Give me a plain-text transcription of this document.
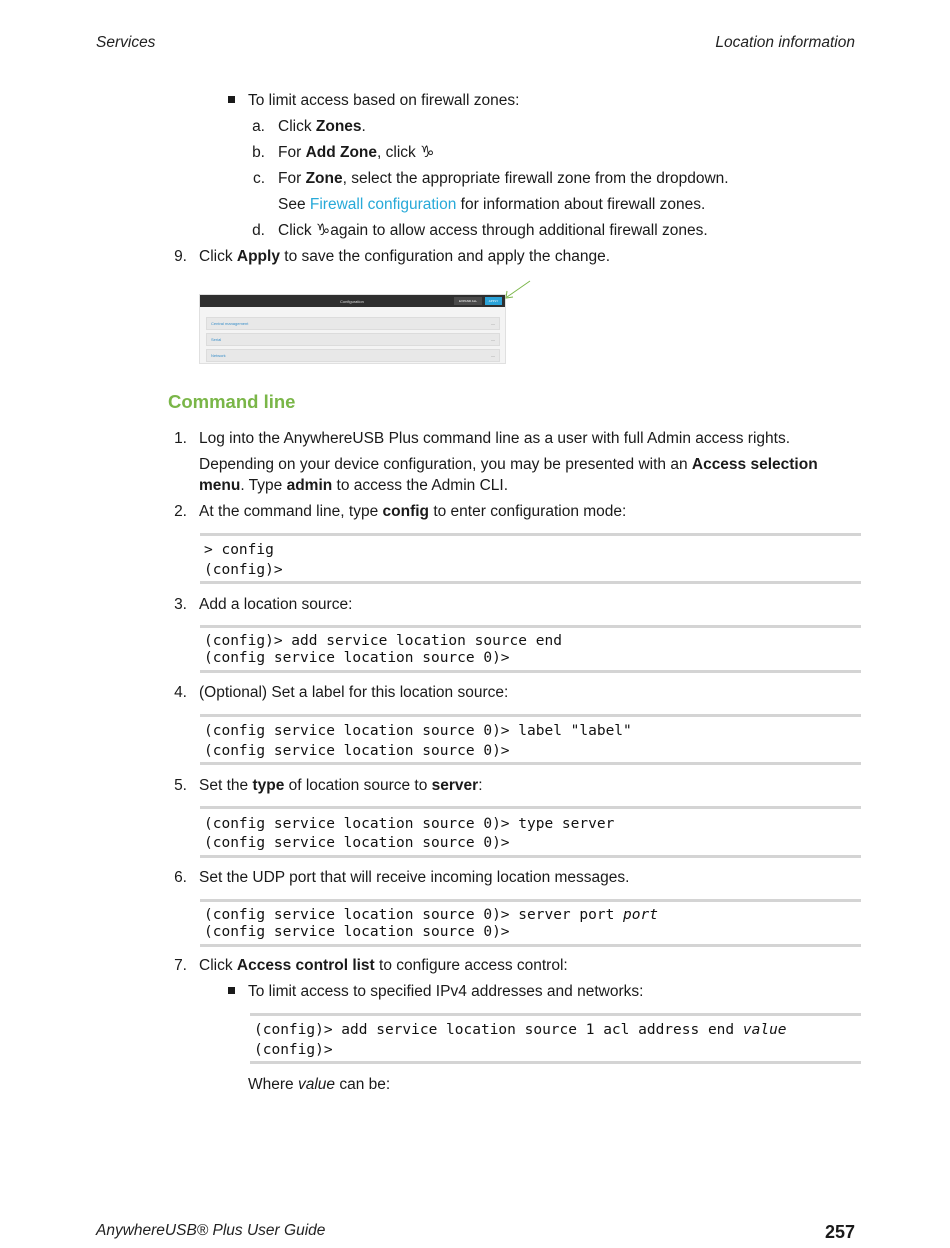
Services	Location information
To limit access based on firewall zones:
a. Click Zones.
b. For Add Zone, click ♑
c. For Zone, select the appropriate firewall zone from the dropdown.
See Firewall configuration for information about firewall zones.
d. Click ♑again to allow access through additional firewall zones.
9. Click Apply to save the configuration and apply the change.
Configuration	EXPAND ALL	APPLY
Central management	—
Serial	—
Network	—
Command line
1. Log into the AnywhereUSB Plus command line as a user with full Admin access rights.
Depending on your device configuration, you may be presented with an Access selection
menu. Type admin to access the Admin CLI.
2. At the command line, type config to enter configuration mode:
> config
(config)>
3. Add a location source:
(config)> add service location source end
(config service location source 0)>
4. (Optional) Set a label for this location source:
(config service location source 0)> label "label"
(config service location source 0)>
5. Set the type of location source to server:
(config service location source 0)> type server
(config service location source 0)>
6. Set the UDP port that will receive incoming location messages.
(config service location source 0)> server port port
(config service location source 0)>
7. Click Access control list to configure access control:
To limit access to specified IPv4 addresses and networks:
(config)> add service location source 1 acl address end value
(config)>
Where value can be:
AnywhereUSB® Plus User Guide	257
